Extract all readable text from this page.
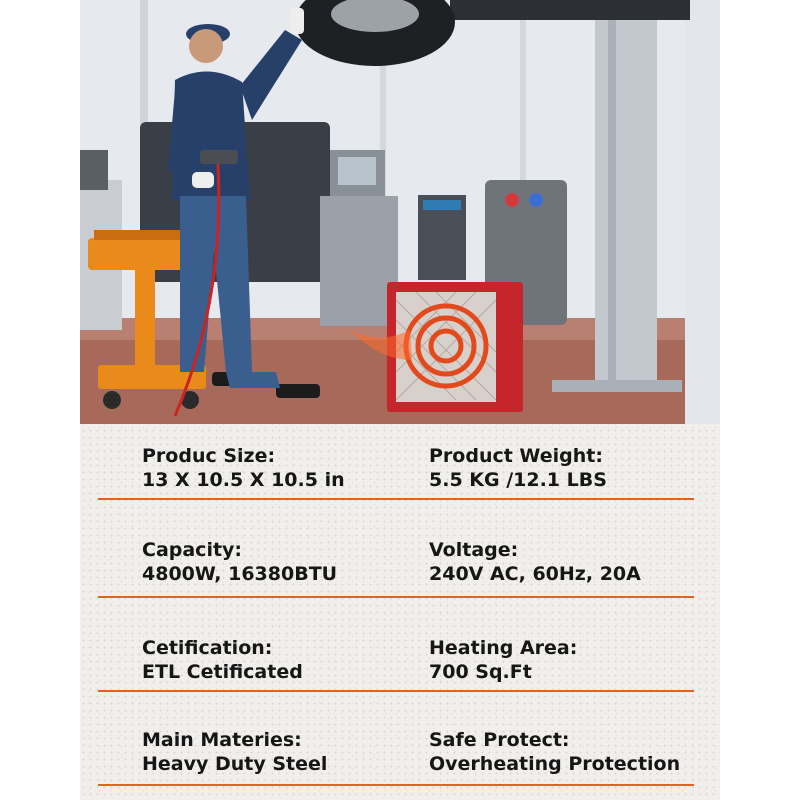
Produc Size:
13 X 10.5 X 10.5 in
Product Weight:
5.5 KG /12.1 LBS
Capacity:
4800W, 16380BTU
Voltage:
240V AC, 60Hz, 20A
Cetification:
ETL Cetificated
Heating Area:
700 Sq.Ft
Main Materies:
Heavy Duty Steel
Safe Protect:
Overheating Protection
